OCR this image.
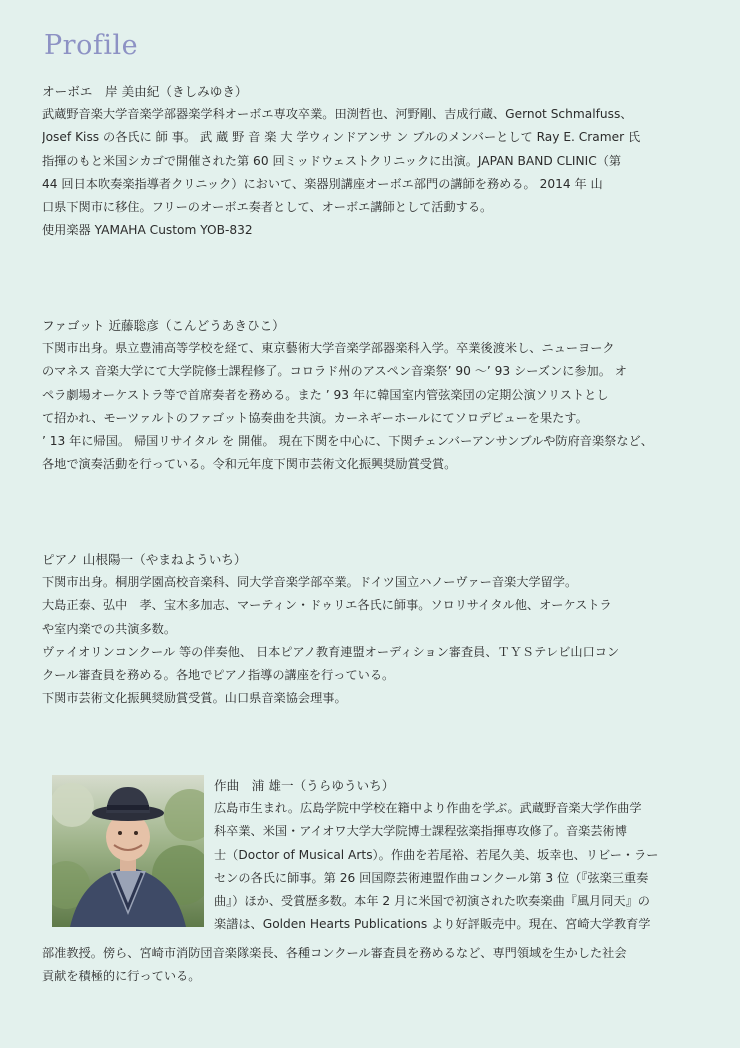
Profile
オーボエ　岸 美由紀（きしみゆき）
武蔵野音楽大学音楽学部器楽学科オーボエ専攻卒業。田渕哲也、河野剛、吉成行蔵、Gernot Schmalfuss、
Josef Kiss の各氏に 師 事。 武 蔵 野 音 楽 大 学ウィンドアンサ ン ブルのメンバーとして Ray E. Cramer 氏
指揮のもと米国シカゴで開催された第 60 回ミッドウェストクリニックに出演。JAPAN BAND CLINIC（第
44 回日本吹奏楽指導者クリニック）において、楽器別講座オーボエ部門の講師を務める。 2014 年 山
口県下関市に移住。フリーのオーボエ奏者として、オーボエ講師として活動する。
使用楽器 YAMAHA Custom YOB-832
ファゴット 近藤聡彦（こんどうあきひこ）
下関市出身。県立豊浦高等学校を経て、東京藝術大学音楽学部器楽科入学。卒業後渡米し、ニューヨーク
のマネス 音楽大学にて大学院修士課程修了。コロラド州のアスペン音楽祭’ 90 ～’ 93 シーズンに参加。 オ
ペラ劇場オーケストラ等で首席奏者を務める。また ’ 93 年に韓国室内管弦楽団の定期公演ソリストとし
て招かれ、モーツァルトのファゴット協奏曲を共演。カーネギーホールにてソロデビューを果たす。
’ 13 年に帰国。 帰国リサイタル を 開催。 現在下関を中心に、下関チェンバーアンサンブルや防府音楽祭など、
各地で演奏活動を行っている。令和元年度下関市芸術文化振興奨励賞受賞。
ピアノ 山根陽一（やまねよういち）
下関市出身。桐朋学園高校音楽科、同大学音楽学部卒業。ドイツ国立ハノーヴァー音楽大学留学。
大島正泰、弘中　孝、宝木多加志、マーティン・ドゥリエ各氏に師事。ソロリサイタル他、オーケストラ
や室内楽での共演多数。
ヴァイオリンコンクール 等の伴奏他、 日本ピアノ教育連盟オーディション審査員、ＴＹＳテレビ山口コン
クール審査員を務める。各地でピアノ指導の講座を行っている。
下関市芸術文化振興奨励賞受賞。山口県音楽協会理事。
作曲　浦 雄一（うらゆういち）
広島市生まれ。広島学院中学校在籍中より作曲を学ぶ。武蔵野音楽大学作曲学
科卒業、米国・アイオワ大学大学院博士課程弦楽指揮専攻修了。音楽芸術博
士（Doctor of Musical Arts）。作曲を若尾裕、若尾久美、坂幸也、リビー・ラー
センの各氏に師事。第 26 回国際芸術連盟作曲コンクール第 3 位（『弦楽三重奏
曲』）ほか、受賞歴多数。本年 2 月に米国で初演された吹奏楽曲『風月同天』の
楽譜は、Golden Hearts Publications より好評販売中。現在、宮崎大学教育学
部准教授。傍ら、宮崎市消防団音楽隊楽長、各種コンクール審査員を務めるなど、専門領域を生かした社会
貢献を積極的に行っている。
